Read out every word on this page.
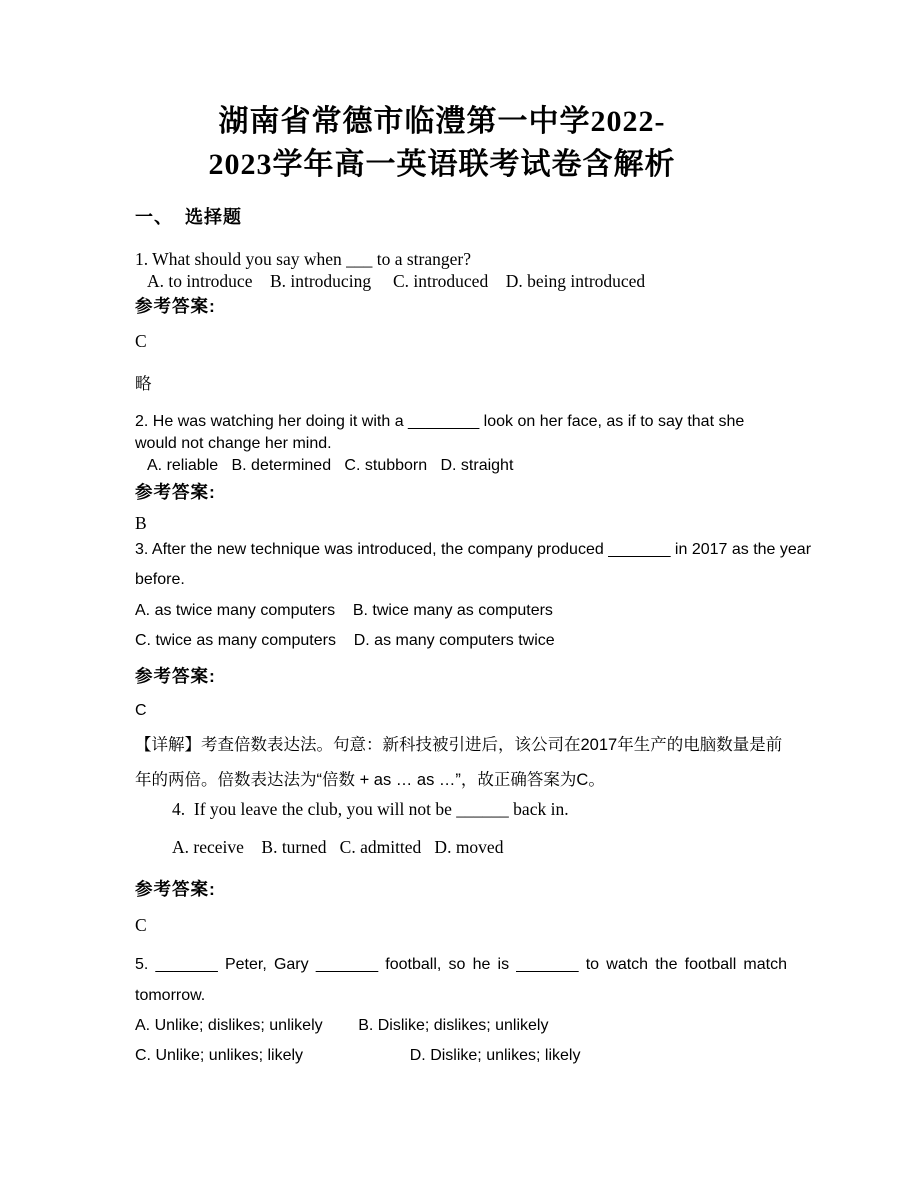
湖南省常德市临澧第一中学2022-
2023学年高一英语联考试卷含解析
一、  选择题
1. What should you say when ___ to a stranger?
A. to introduce    B. introducing     C. introduced    D. being introduced
参考答案:
C
略
2. He was watching her doing it with a ________ look on her face, as if to say that she
would not change her mind.
A. reliable   B. determined   C. stubborn   D. straight
参考答案:
B
3. After the new technique was introduced, the company produced _______ in 2017 as the year
before.
A. as twice many computers    B. twice many as computers
C. twice as many computers    D. as many computers twice
参考答案:
C
【详解】考查倍数表达法。句意：新科技被引进后，该公司在2017年生产的电脑数量是前
年的两倍。倍数表达法为“倍数 + as … as …”，故正确答案为C。
4.  If you leave the club, you will not be ______ back in.
A. receive    B. turned   C. admitted   D. moved
参考答案:
C
5. _______ Peter, Gary _______ football, so he is _______ to watch the football match
tomorrow.
A. Unlike; dislikes; unlikely        B. Dislike; dislikes; unlikely
C. Unlike; unlikes; likely                        D. Dislike; unlikes; likely
